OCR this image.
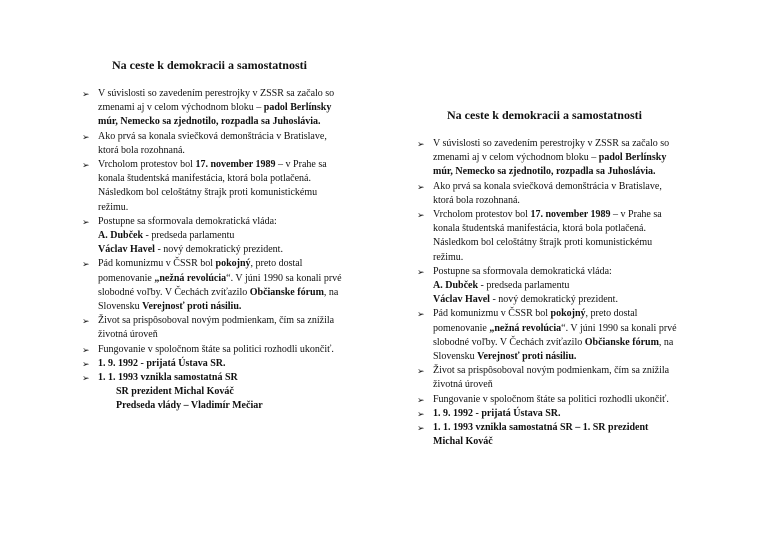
Na ceste k demokracii a samostatnosti
➢ V súvislosti so zavedením perestrojky v ZSSR sa začalo so
zmenami aj v celom východnom bloku – padol Berlínsky
múr, Nemecko sa zjednotilo, rozpadla sa Juhoslávia.
➢ Ako prvá sa konala sviečková demonštrácia v Bratislave,
ktorá bola rozohnaná.
➢ Vrcholom protestov bol 17. november 1989 – v Prahe sa
konala študentská manifestácia, ktorá bola potlačená.
Následkom bol celoštátny štrajk proti komunistickému
režimu.
➢ Postupne sa sformovala demokratická vláda:
A. Dubček - predseda parlamentu
Václav Havel - nový demokratický prezident.
➢ Pád komunizmu v ČSSR bol pokojný, preto dostal
pomenovanie „nežná revolúcia“. V júni 1990 sa konali prvé
slobodné voľby. V Čechách zvíťazilo Občianske fórum, na
Slovensku Verejnosť proti násiliu.
➢ Život sa prispôsoboval novým podmienkam, čím sa znížila
životná úroveň
➢ Fungovanie v spoločnom štáte sa politici rozhodli ukončiť.
➢ 1. 9. 1992 - prijatá Ústava SR.
➢ 1. 1. 1993 vznikla samostatná SR
SR prezident Michal Kováč
Predseda vlády – Vladimír Mečiar
Na ceste k demokracii a samostatnosti
➢ V súvislosti so zavedením perestrojky v ZSSR sa začalo so
zmenami aj v celom východnom bloku – padol Berlínsky
múr, Nemecko sa zjednotilo, rozpadla sa Juhoslávia.
➢ Ako prvá sa konala sviečková demonštrácia v Bratislave,
ktorá bola rozohnaná.
➢ Vrcholom protestov bol 17. november 1989 – v Prahe sa
konala študentská manifestácia, ktorá bola potlačená.
Následkom bol celoštátny štrajk proti komunistickému
režimu.
➢ Postupne sa sformovala demokratická vláda:
A. Dubček - predseda parlamentu
Václav Havel - nový demokratický prezident.
➢ Pád komunizmu v ČSSR bol pokojný, preto dostal
pomenovanie „nežná revolúcia“. V júni 1990 sa konali prvé
slobodné voľby. V Čechách zvíťazilo Občianske fórum, na
Slovensku Verejnosť proti násiliu.
➢ Život sa prispôsoboval novým podmienkam, čím sa znížila
životná úroveň
➢ Fungovanie v spoločnom štáte sa politici rozhodli ukončiť.
➢ 1. 9. 1992 - prijatá Ústava SR.
➢ 1. 1. 1993 vznikla samostatná SR – 1. SR prezident
Michal Kováč
